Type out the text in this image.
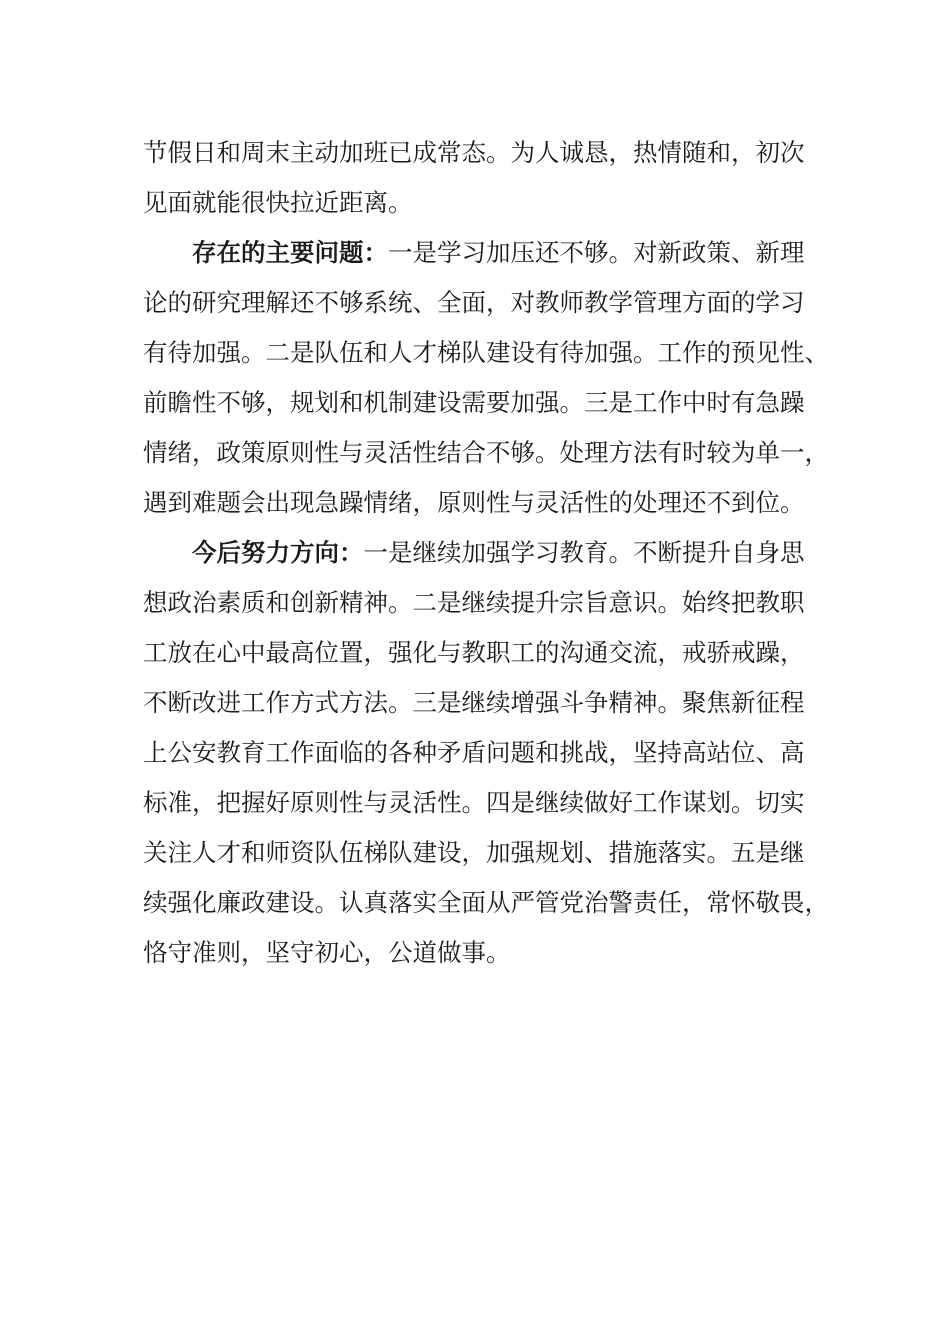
节假日和周末主动加班已成常态。为人诚恳，热情随和，初次
见面就能很快拉近距离。
存在的主要问题：一是学习加压还不够。对新政策、新理
论的研究理解还不够系统、全面，对教师教学管理方面的学习
有待加强。二是队伍和人才梯队建设有待加强。工作的预见性、
前瞻性不够，规划和机制建设需要加强。三是工作中时有急躁
情绪，政策原则性与灵活性结合不够。处理方法有时较为单一，
遇到难题会出现急躁情绪，原则性与灵活性的处理还不到位。
今后努力方向：一是继续加强学习教育。不断提升自身思
想政治素质和创新精神。二是继续提升宗旨意识。始终把教职
工放在心中最高位置，强化与教职工的沟通交流，戒骄戒躁，
不断改进工作方式方法。三是继续增强斗争精神。聚焦新征程
上公安教育工作面临的各种矛盾问题和挑战，坚持高站位、高
标准，把握好原则性与灵活性。四是继续做好工作谋划。切实
关注人才和师资队伍梯队建设，加强规划、措施落实。五是继
续强化廉政建设。认真落实全面从严管党治警责任，常怀敬畏，
恪守准则，坚守初心，公道做事。
